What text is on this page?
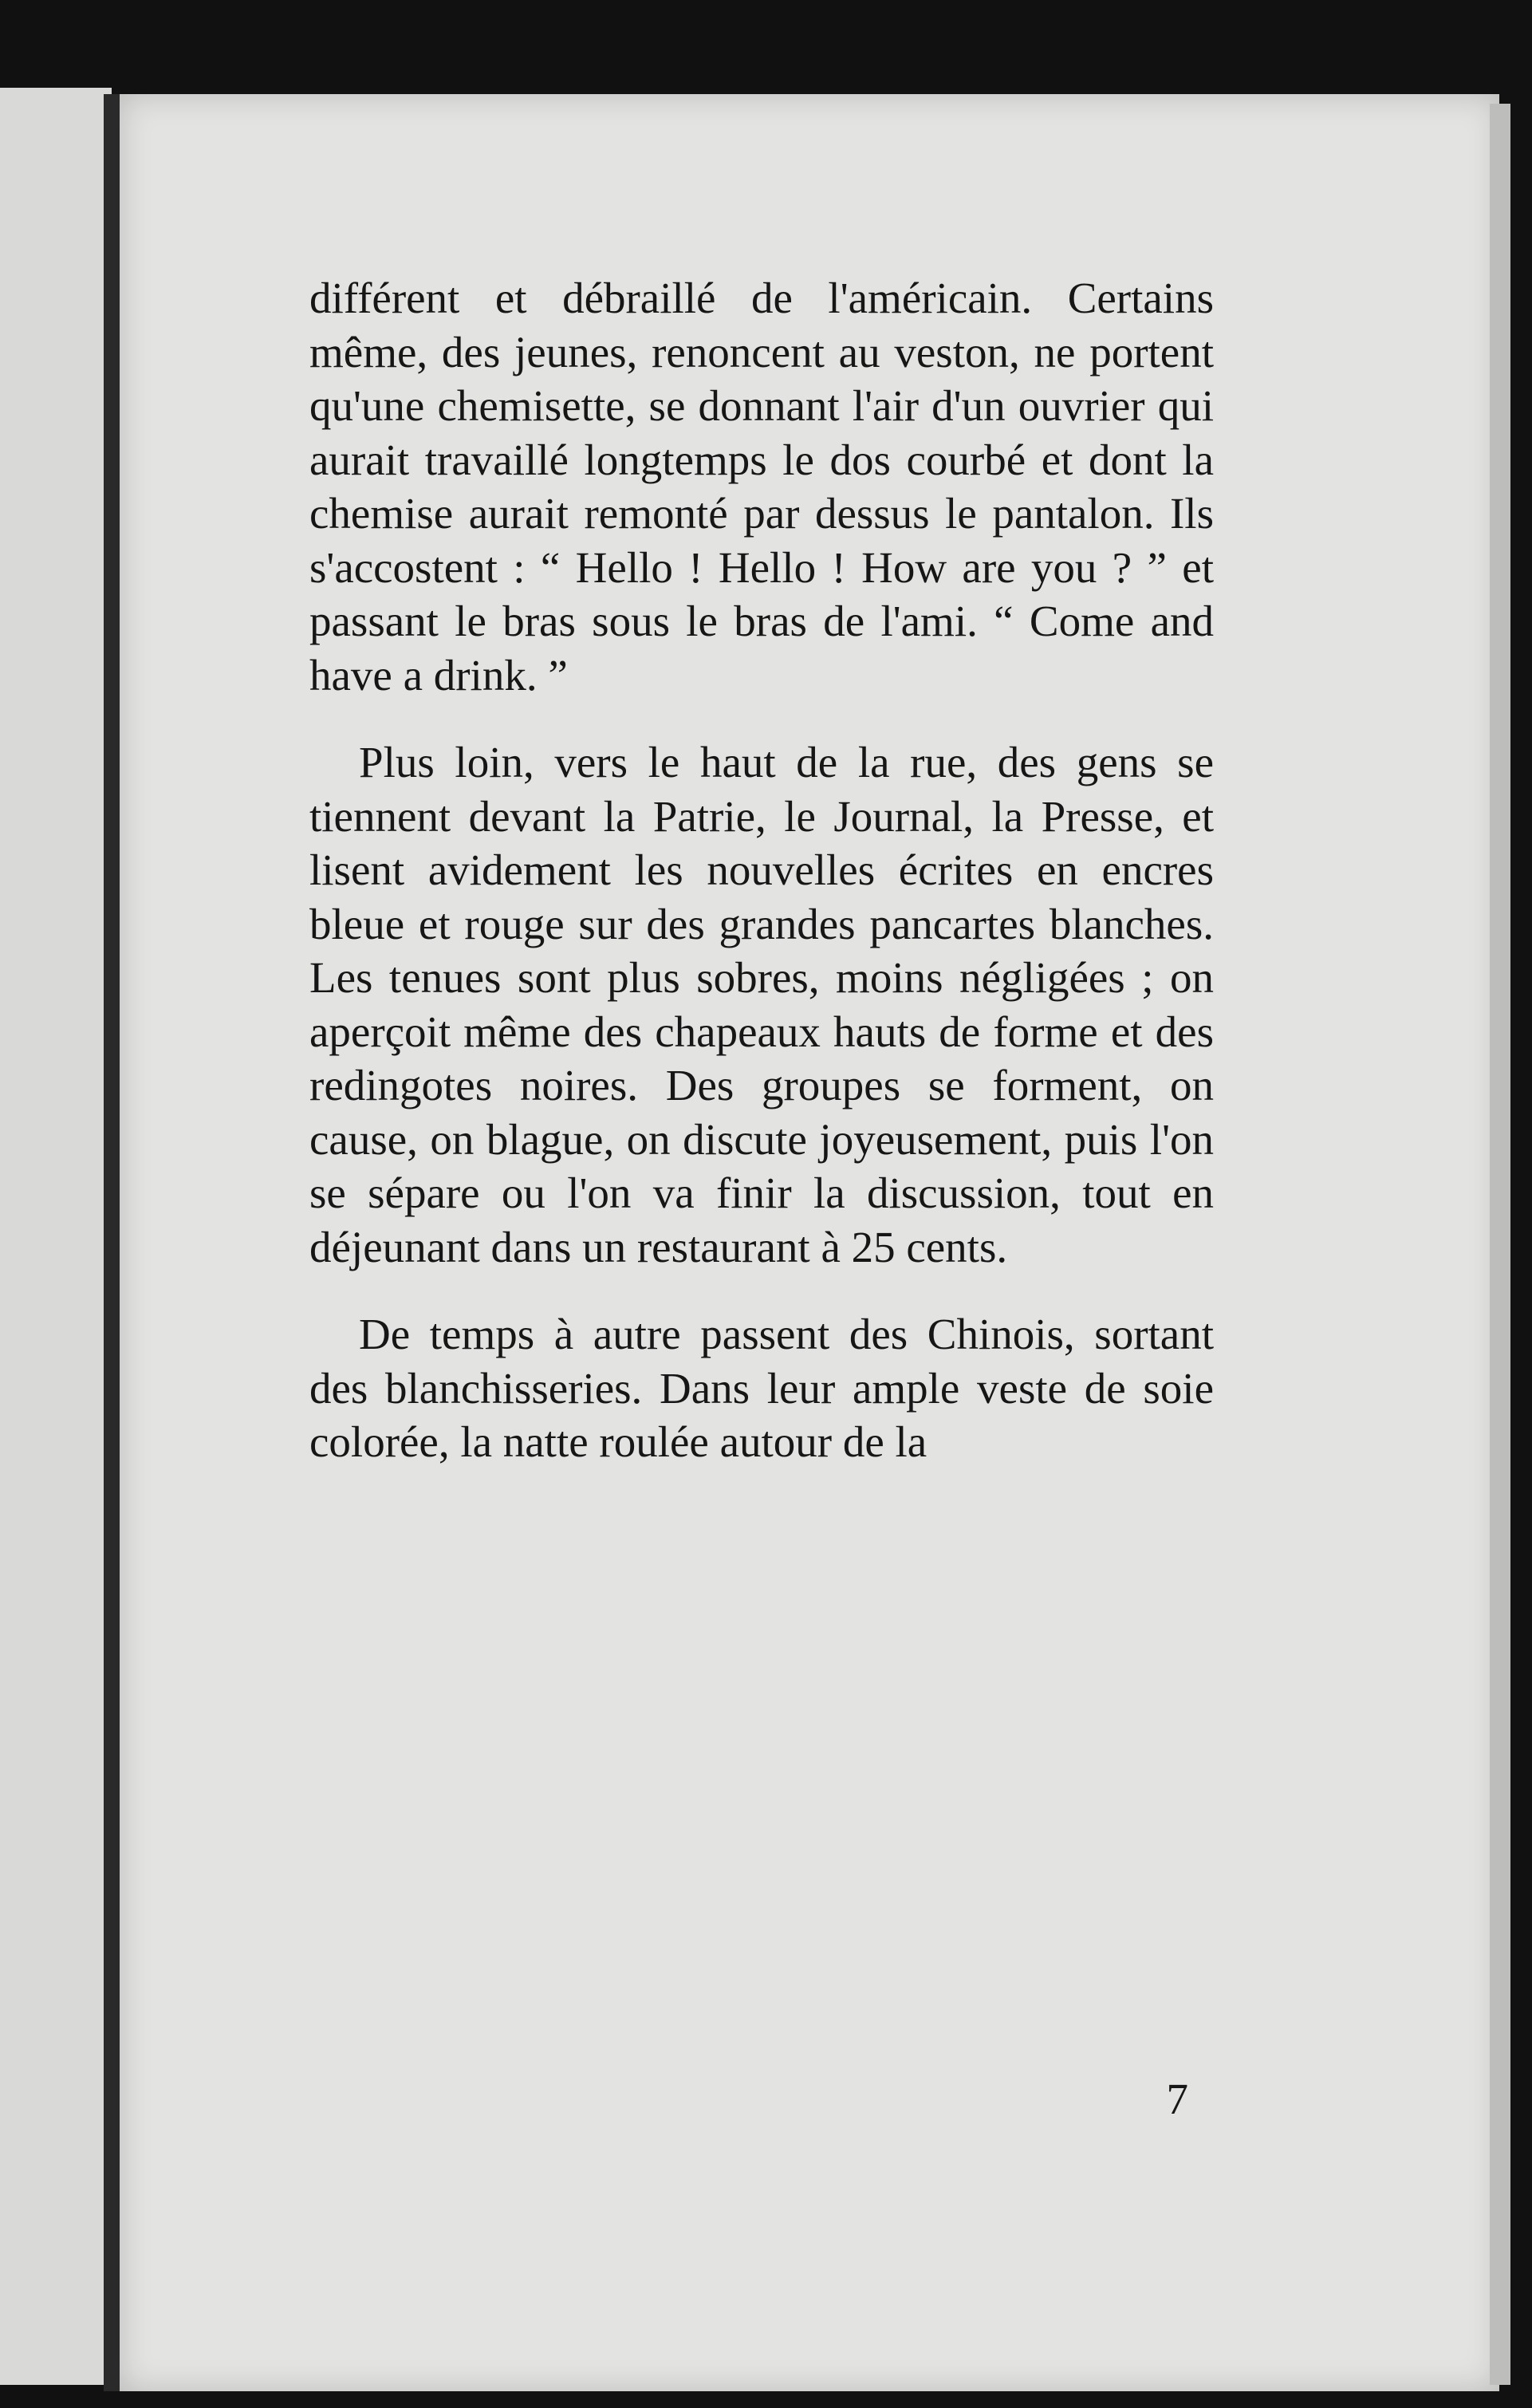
différent et débraillé de l'américain. Certains même, des jeunes, renoncent au veston, ne portent qu'une chemisette, se donnant l'air d'un ouvrier qui aurait travaillé longtemps le dos courbé et dont la chemise aurait remonté par dessus le pantalon. Ils s'accostent : “ Hello ! Hello ! How are you ? ” et passant le bras sous le bras de l'ami. “ Come and have a drink. ”

Plus loin, vers le haut de la rue, des gens se tiennent devant la Patrie, le Journal, la Presse, et lisent avidement les nouvelles écrites en encres bleue et rouge sur des grandes pancartes blanches. Les tenues sont plus sobres, moins négligées ; on aperçoit même des chapeaux hauts de forme et des redingotes noires. Des groupes se forment, on cause, on blague, on discute joyeusement, puis l'on se sépare ou l'on va finir la discussion, tout en déjeunant dans un restaurant à 25 cents.

De temps à autre passent des Chinois, sortant des blanchisseries. Dans leur ample veste de soie colorée, la natte roulée autour de la

7
